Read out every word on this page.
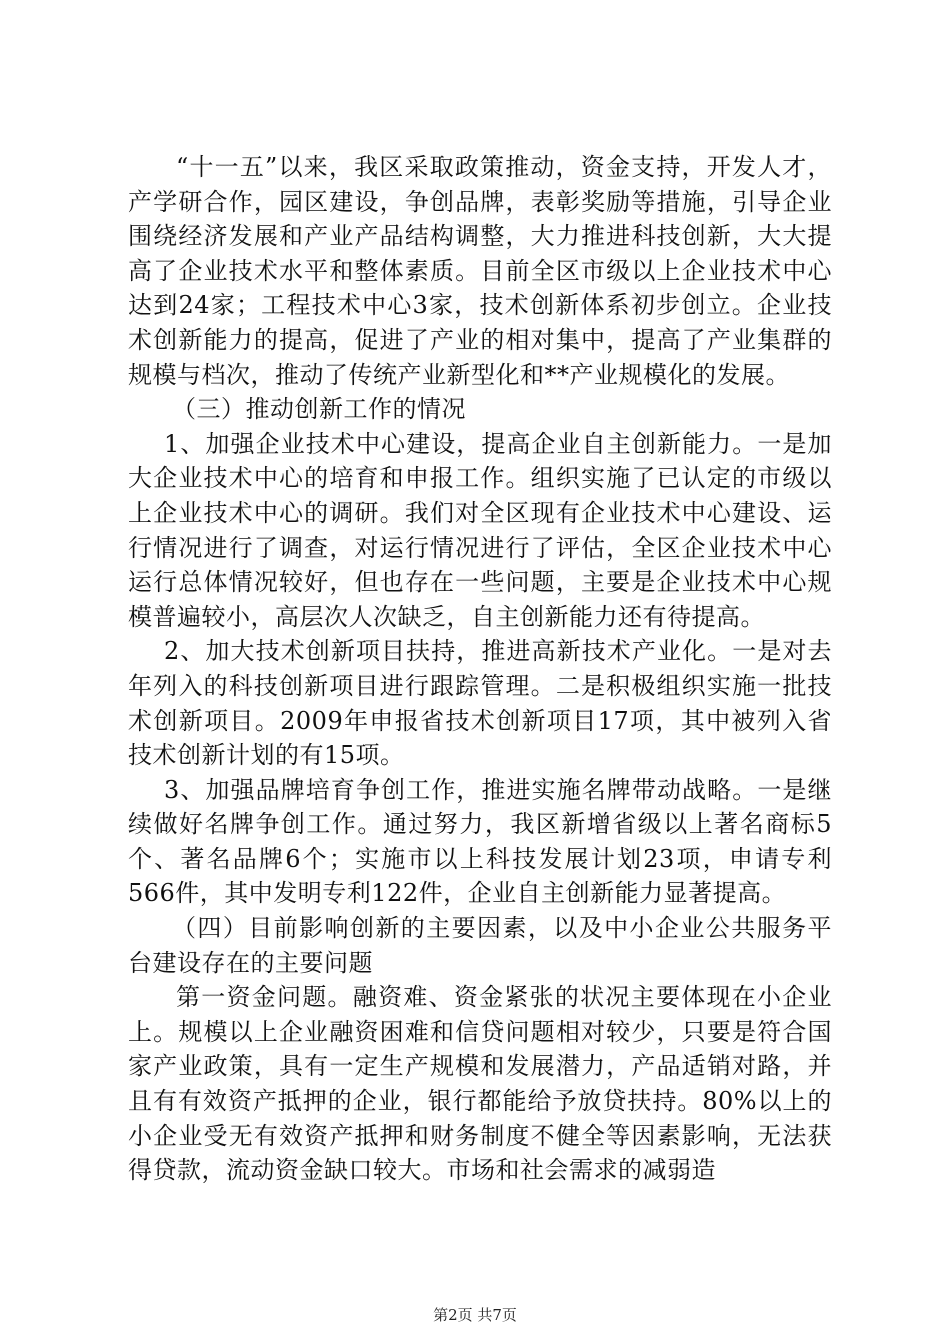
“十一五”以来，我区采取政策推动，资金支持，开发人才，产学研合作，园区建设，争创品牌，表彰奖励等措施，引导企业围绕经济发展和产业产品结构调整，大力推进科技创新，大大提高了企业技术水平和整体素质。目前全区市级以上企业技术中心达到24家；工程技术中心3家，技术创新体系初步创立。企业技术创新能力的提高，促进了产业的相对集中，提高了产业集群的规模与档次，推动了传统产业新型化和**产业规模化的发展。

（三）推动创新工作的情况

1、加强企业技术中心建设，提高企业自主创新能力。一是加大企业技术中心的培育和申报工作。组织实施了已认定的市级以上企业技术中心的调研。我们对全区现有企业技术中心建设、运行情况进行了调查，对运行情况进行了评估，全区企业技术中心运行总体情况较好，但也存在一些问题，主要是企业技术中心规模普遍较小，高层次人次缺乏，自主创新能力还有待提高。

2、加大技术创新项目扶持，推进高新技术产业化。一是对去年列入的科技创新项目进行跟踪管理。二是积极组织实施一批技术创新项目。2009年申报省技术创新项目17项，其中被列入省技术创新计划的有15项。

3、加强品牌培育争创工作，推进实施名牌带动战略。一是继续做好名牌争创工作。通过努力，我区新增省级以上著名商标5个、著名品牌6个；实施市以上科技发展计划23项，申请专利566件，其中发明专利122件，企业自主创新能力显著提高。

（四）目前影响创新的主要因素，以及中小企业公共服务平台建设存在的主要问题

第一资金问题。融资难、资金紧张的状况主要体现在小企业上。规模以上企业融资困难和信贷问题相对较少，只要是符合国家产业政策，具有一定生产规模和发展潜力，产品适销对路，并且有有效资产抵押的企业，银行都能给予放贷扶持。80%以上的小企业受无有效资产抵押和财务制度不健全等因素影响，无法获得贷款，流动资金缺口较大。市场和社会需求的减弱造

第2页 共7页
